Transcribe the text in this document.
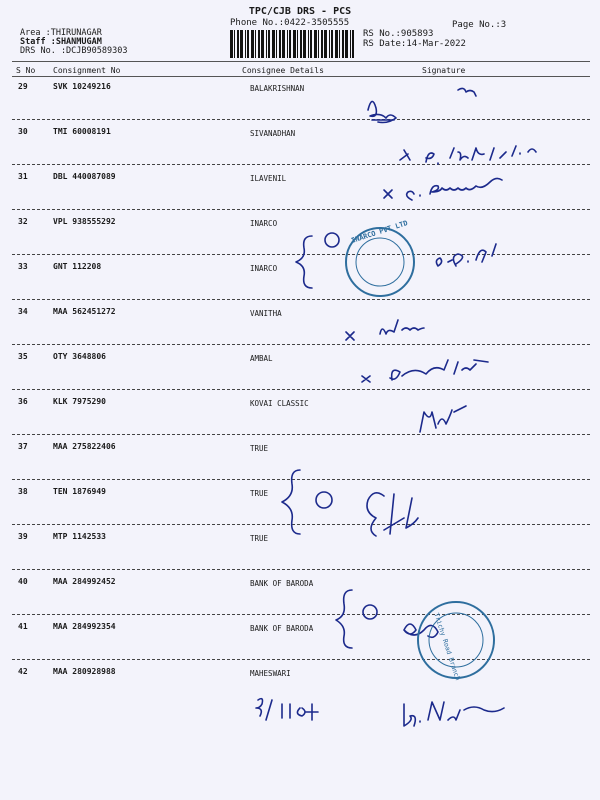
TPC/CJB DRS - PCS
Phone No.:0422-3505555	Page No.:3
Area :THIRUNAGAR
Staff :SHANMUGAM
DRS No. :DCJB90589303
RS No.:905893
RS Date:14-Mar-2022
S No Consignment No	Consignee Details	Signature
29	SVK 10249216	BALAKRISHNAN
30	TMI 60008191	SIVANADHAN
31	DBL 440087089	ILAVENIL
32	VPL 938555292	INARCO
33	GNT 112208	INARCO
34	MAA 562451272	VANITHA
35	OTY 3648806	AMBAL
36	KLK 7975290	KOVAI CLASSIC
37	MAA 275822406	TRUE
38	TEN 1876949	TRUE
39	MTP 1142533	TRUE
40	MAA 284992452	BANK OF BARODA
41	MAA 284992354	BANK OF BARODA
42	MAA 280928988	MAHESWARI
INARCO PVT LTD
Trichy Road Branch
